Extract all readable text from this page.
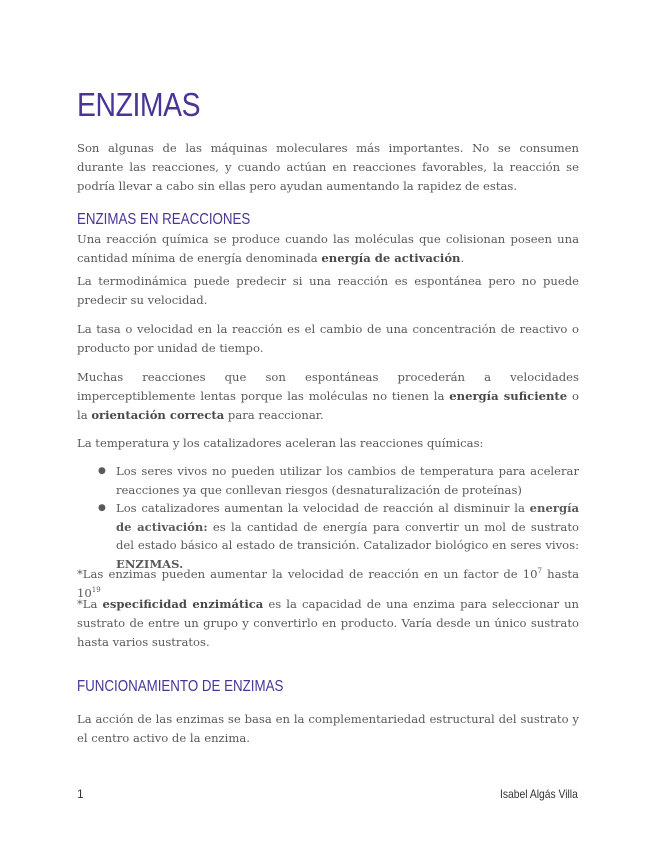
ENZIMAS

Son algunas de las máquinas moleculares más importantes. No se consumen durante las reacciones, y cuando actúan en reacciones favorables, la reacción se podría llevar a cabo sin ellas pero ayudan aumentando la rapidez de estas.

ENZIMAS EN REACCIONES

Una reacción química se produce cuando las moléculas que colisionan poseen una cantidad mínima de energía denominada energía de activación.

La termodinámica puede predecir si una reacción es espontánea pero no puede predecir su velocidad.

La tasa o velocidad en la reacción es el cambio de una concentración de reactivo o producto por unidad de tiempo.

Muchas reacciones que son espontáneas procederán a velocidades imperceptiblemente lentas porque las moléculas no tienen la energía suficiente o la orientación correcta para reaccionar.

La temperatura y los catalizadores aceleran las reacciones químicas:

● Los seres vivos no pueden utilizar los cambios de temperatura para acelerar reacciones ya que conllevan riesgos (desnaturalización de proteínas)
● Los catalizadores aumentan la velocidad de reacción al disminuir la energía de activación: es la cantidad de energía para convertir un mol de sustrato del estado básico al estado de transición. Catalizador biológico en seres vivos: ENZIMAS.

*Las enzimas pueden aumentar la velocidad de reacción en un factor de $10^7$ hasta $10^{19}$

*La especificidad enzimática es la capacidad de una enzima para seleccionar un sustrato de entre un grupo y convertirlo en producto. Varía desde un único sustrato hasta varios sustratos.

FUNCIONAMIENTO DE ENZIMAS

La acción de las enzimas se basa en la complementariedad estructural del sustrato y el centro activo de la enzima.

1	Isabel Algás Villa
